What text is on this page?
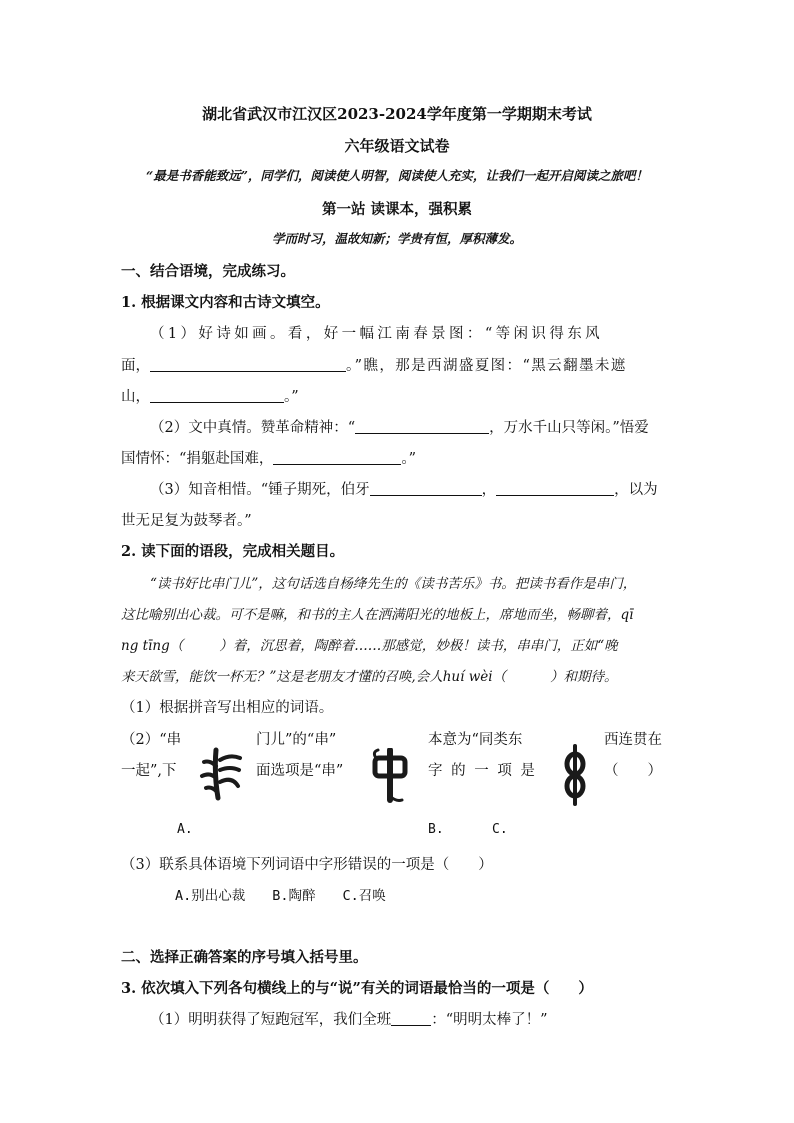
湖北省武汉市江汉区2023-2024学年度第一学期期末考试
六年级语文试卷
“最是书香能致远”，同学们，阅读使人明智，阅读使人充实，让我们一起开启阅读之旅吧！
第一站 读课本，强积累
学而时习，温故知新；学贵有恒，厚积薄发。
一、结合语境，完成练习。
1. 根据课文内容和古诗文填空。
（1）好诗如画。看，好一幅江南春景图：“等闲识得东风
面，	。”瞧，那是西湖盛夏图：“黑云翻墨未遮
山，	。”
（2）文中真情。赞革命精神：“	，万水千山只等闲。”悟爱
国情怀：“捐躯赴国难，	。”
（3）知音相惜。“锺子期死，伯牙	，	，以为
世无足复为鼓琴者。”
2. 读下面的语段，完成相关题目。
“读书好比串门儿”，这句话选自杨绛先生的《读书苦乐》书。把读书看作是串门，
这比喻别出心裁。可不是嘛，和书的主人在洒满阳光的地板上，席地而坐，畅聊着，qī
ng tīng（	）着，沉思着，陶醉着……那感觉，妙极！读书，串串门，正如“晚
来天欲雪，能饮一杯无？”这是老朋友才懂的召唤,会人huí wèi（	）和期待。
（1）根据拼音写出相应的词语。
（2）“串	门儿”的“串”	本意为“同类东	西连贯在
一起”,下	面选项是“串”	字 的 一 项 是	（　　）
A.	B.	C.
（3）联系具体语境下列词语中字形错误的一项是（　　）
A.别出心裁　　B.陶醉　　C.召唤
二、选择正确答案的序号填入括号里。
3. 依次填入下列各句横线上的与“说”有关的词语最恰当的一项是（　　）
（1）明明获得了短跑冠军，我们全班	：“明明太棒了！”
